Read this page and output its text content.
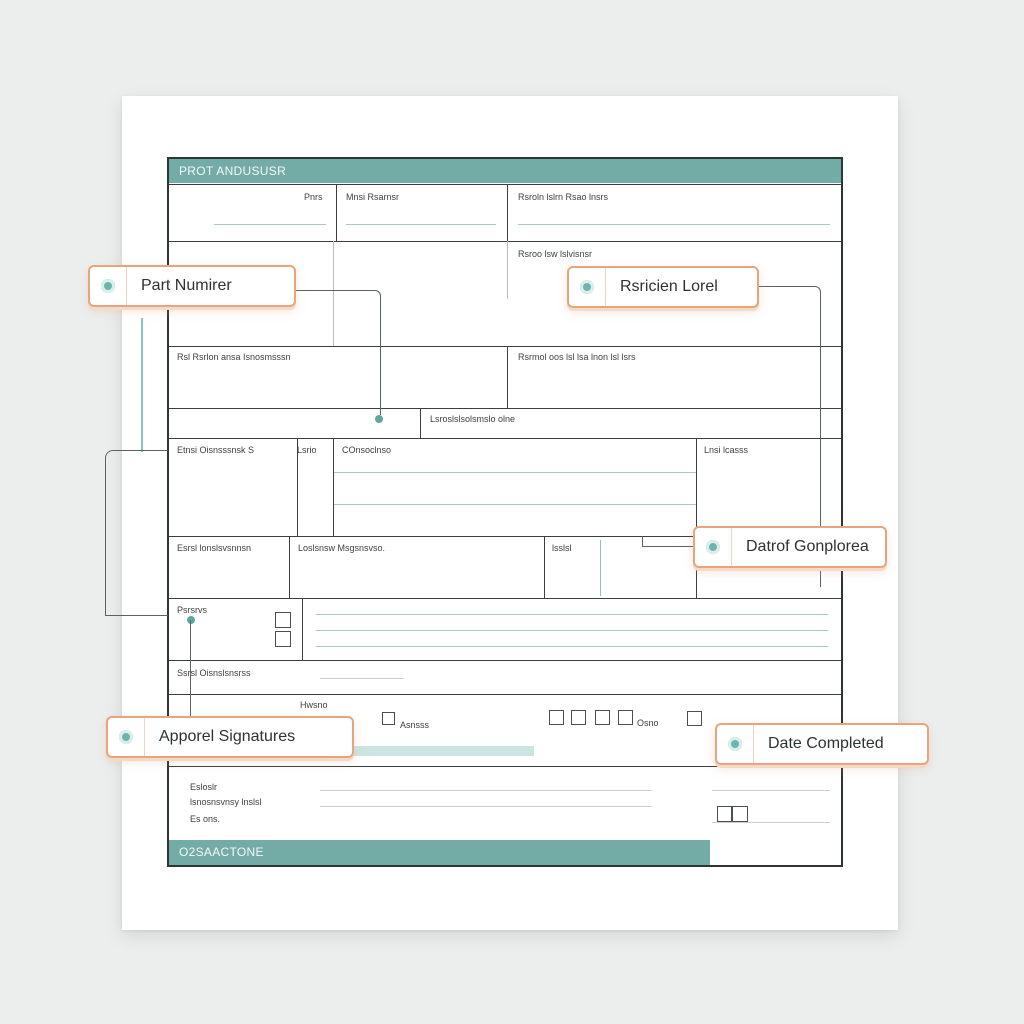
PROT ANDUSUSR
Pnrs	Mnsi Rsarnsr	Rsroln lslrn Rsao lnsrs
Rsroo lsw lslvisnsr
Rsl Rsrlon ansa Isnosmsssn	Rsrmol oos lsl lsa lnon lsl lsrs
Lsroslslsolsmslo olne
Etnsi Oisnsssnsk S	Lsrio	COnsoclnso	Lnsi lcasss
Esrsl lonslsvsnnsn	Loslsnsw Msgsnsvso.	lsslsl
Psrsrvs
Ssrsl Oisnslsnsrss
Hwsno
Asnsss	Osno
Esloslr
lsnosnsvnsy lnslsl
Es ons.
O2SAACTONE
Part Numirer	Rsricien Lorel
Datrof Gonplorea
Apporel Signatures	Date Completed
